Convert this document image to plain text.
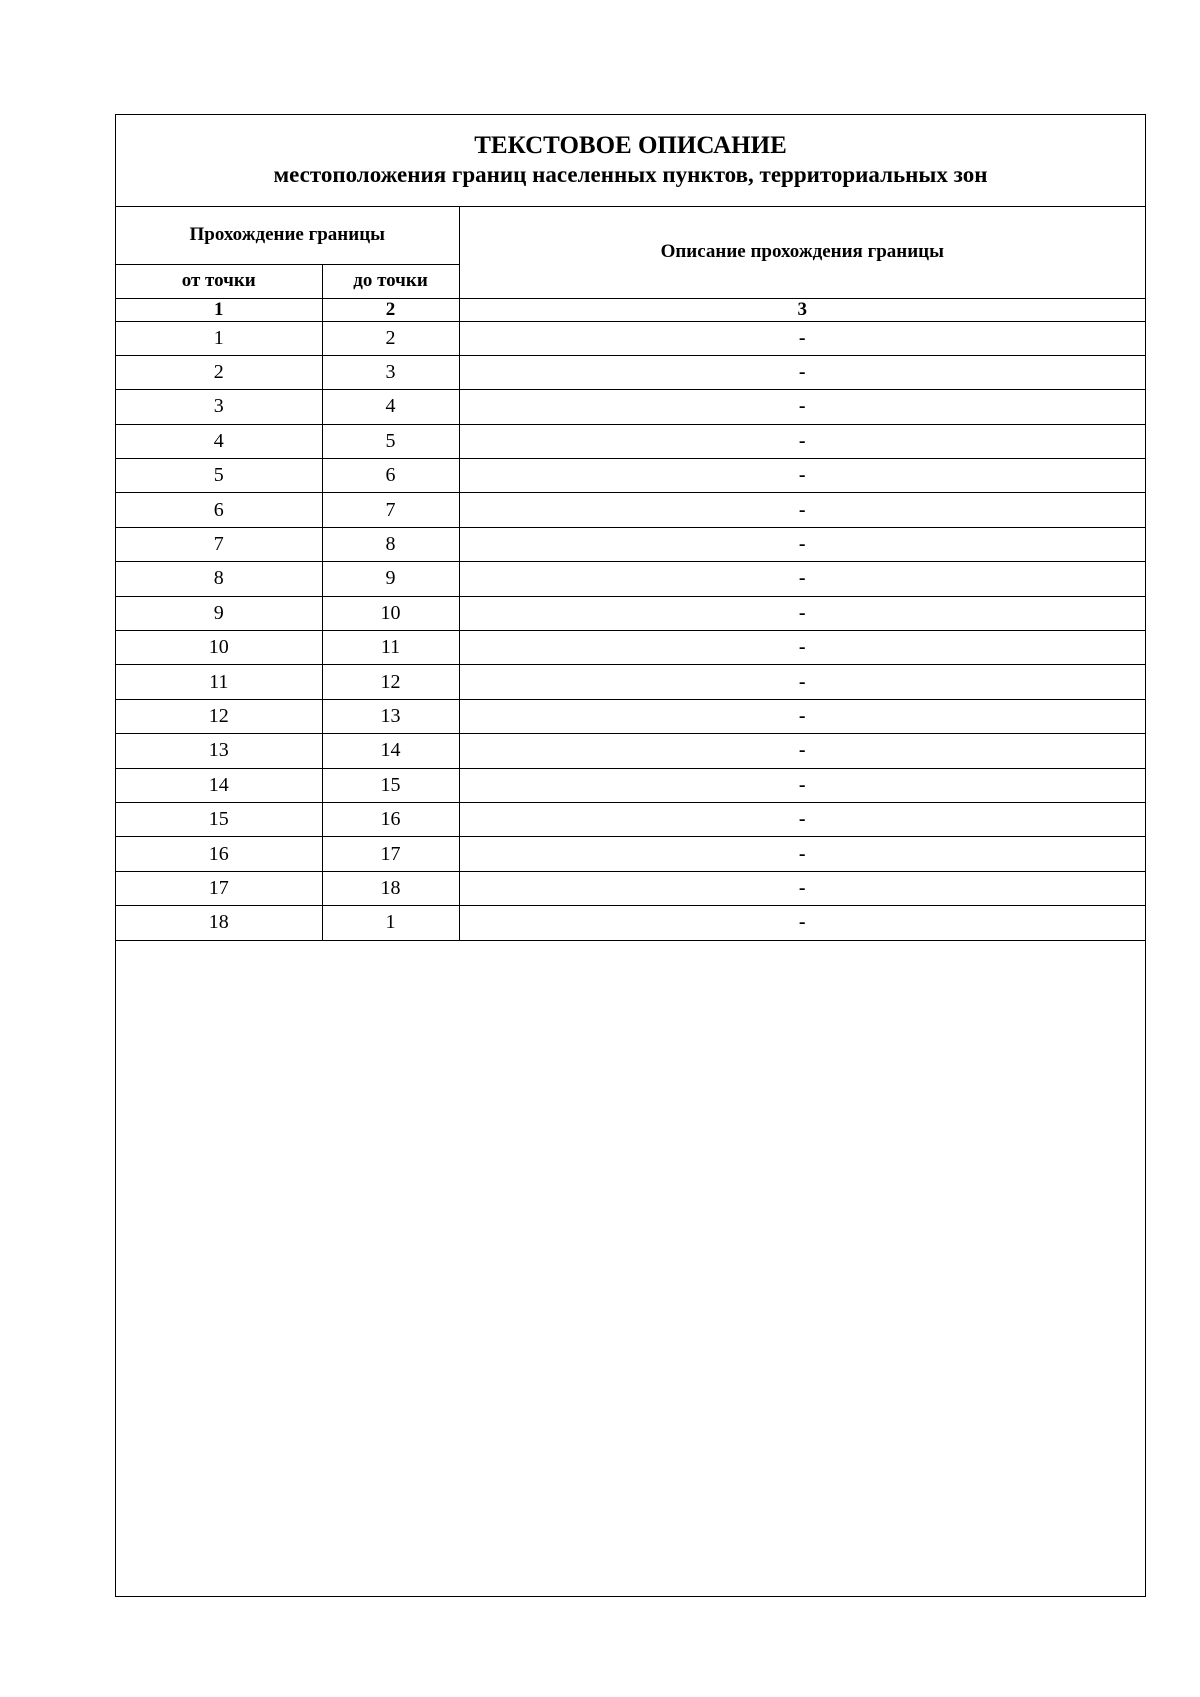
ТЕКСТОВОЕ ОПИСАНИЕ
местоположения границ населенных пунктов, территориальных зон
Прохождение границы		Описание прохождения границы
от точки	до точки	
1	2	3
1	2	-
2	3	-
3	4	-
4	5	-
5	6	-
6	7	-
7	8	-
8	9	-
9	10	-
10	11	-
11	12	-
12	13	-
13	14	-
14	15	-
15	16	-
16	17	-
17	18	-
18	1	-
